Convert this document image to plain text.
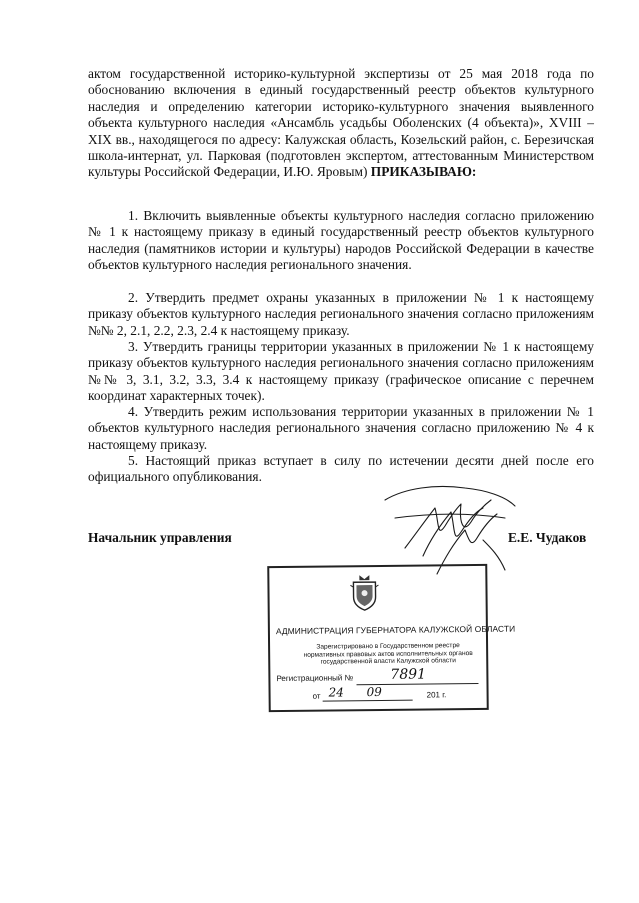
актом государственной историко-культурной экспертизы от 25 мая 2018 года по обоснованию включения в единый государственный реестр объектов культурного наследия и определению категории историко-культурного значения выявленного объекта культурного наследия «Ансамбль усадьбы Оболенских (4 объекта)», XVIII – XIX вв., находящегося по адресу: Калужская область, Козельский район, с. Березичская школа-интернат, ул. Парковая (подготовлен экспертом, аттестованным Министерством культуры Российской Федерации, И.Ю. Яровым) ПРИКАЗЫВАЮ:

1. Включить выявленные объекты культурного наследия согласно приложению № 1 к настоящему приказу в единый государственный реестр объектов культурного наследия (памятников истории и культуры) народов Российской Федерации в качестве объектов культурного наследия регионального значения.

2. Утвердить предмет охраны указанных в приложении № 1 к настоящему приказу объектов культурного наследия регионального значения согласно приложениям №№ 2, 2.1, 2.2, 2.3, 2.4 к настоящему приказу.

3. Утвердить границы территории указанных в приложении № 1 к настоящему приказу объектов культурного наследия регионального значения согласно приложениям №№ 3, 3.1, 3.2, 3.3, 3.4 к настоящему приказу (графическое описание с перечнем координат характерных точек).

4. Утвердить режим использования территории указанных в приложении № 1 объектов культурного наследия регионального значения согласно приложению № 4 к настоящему приказу.

5. Настоящий приказ вступает в силу по истечении десяти дней после его официального опубликования.

Начальник управления	Е.Е. Чудаков
АДМИНИСТРАЦИЯ ГУБЕРНАТОРА КАЛУЖСКОЙ ОБЛАСТИ
Зарегистрировано в Государственном реестре нормативных правовых актов исполнительных органов государственной власти Калужской области
Регистрационный №	7891
от 24 09	201 г.
